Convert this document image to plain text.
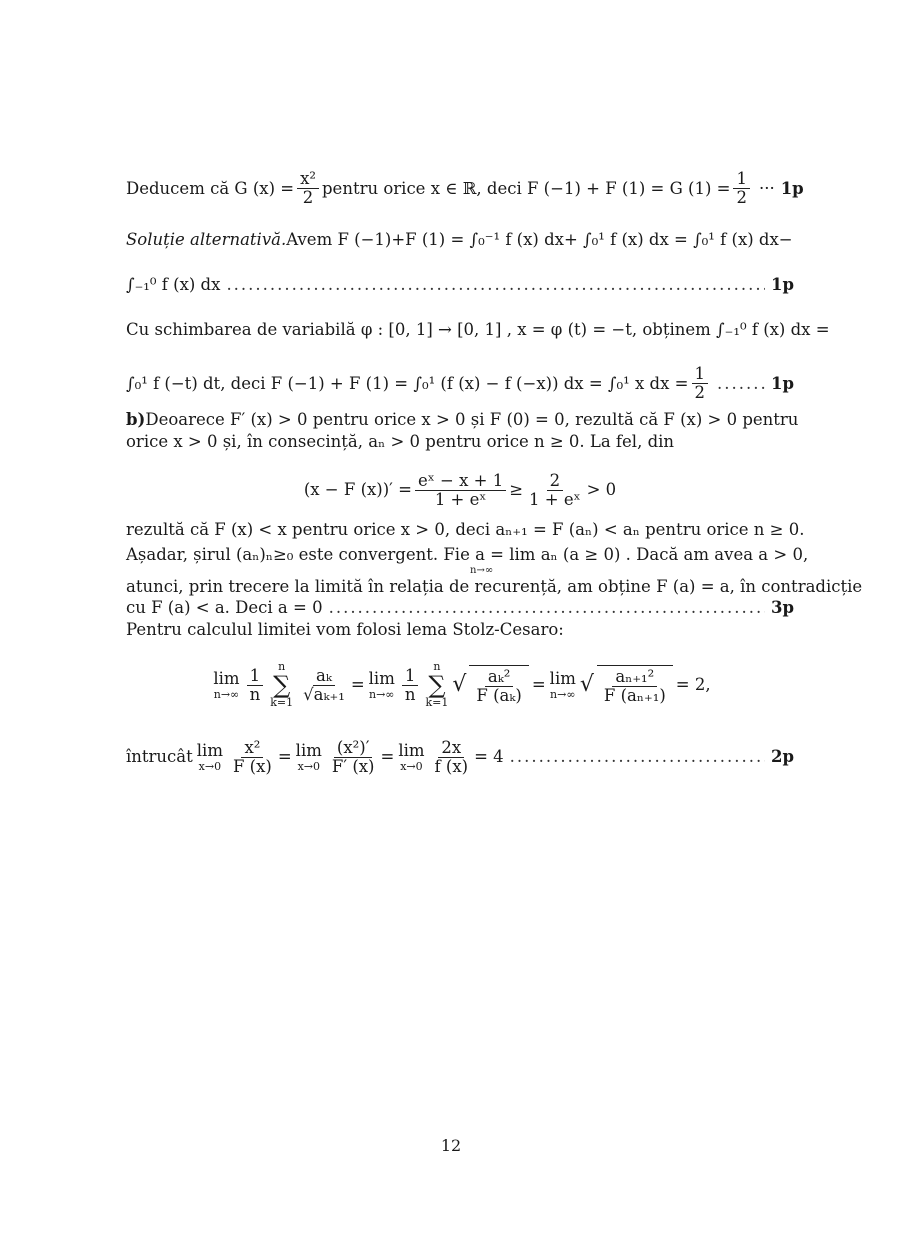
Deducem că G $(x) = \frac{\text{x²}}{2}$ pentru orice x ∈ ℝ, deci F (−1) + F (1) = G $(1) = \frac{1}{2}$ ··· 1p
Soluție alternativă. Avem F (−1)+F (1) = ∫₀⁻¹ f (x) dx+ ∫₀¹ f (x) dx = ∫₀¹ f (x) dx−
∫₋₁⁰ f (x) dx .....	1p
Cu schimbarea de variabilă φ : [0, 1] → [0, 1] , x = φ (t) = −t, obținem ∫₋₁⁰ f (x) dx =
∫₀¹ f (−t) dt, deci F (−1) + F (1) = ∫₀¹ (f (x) − f (−x)) dx = ∫₀¹ x dx = $\frac{1}{2}$ .....	1p
b) Deoarece F′ (x) > 0 pentru orice x > 0 și F (0) = 0, rezultă că F (x) > 0 pentru
orice x > 0 și, în consecință, aₙ > 0 pentru orice n ≥ 0. La fel, din
(x − F $(x))' = \frac{\text{eˣ − x + 1}}{\text{1 + eˣ}} \ge \frac{2}{\text{1 + eˣ}} > 0$
rezultă că F (x) < x pentru orice x > 0, deci aₙ₊₁ = F (aₙ) < aₙ pentru orice n ≥ 0.
Așadar, șirul (aₙ)ₙ≥₀ este convergent. Fie a = lim aₙ (a ≥ 0) . Dacă am avea a > 0,
n→∞
atunci, prin trecere la limită în relația de recurență, am obține F (a) = a, în contradicție
cu F (a) < a. Deci a = 0 .....	3p
Pentru calculul limitei vom folosi lema Stolz-Cesaro:
lim
$n\to\infty \frac{1}{n}$ n
∑
$k=1 \frac{\text{aₖ}}{\text{√aₖ₊₁}} = \lim$
$n\to\infty \frac{1}{n}$ n
∑
k=1
√ $\frac{\text{aₖ²}}{\text{F (aₖ)}} = \lim$
n→∞ √ $\frac{\text{aₙ₊₁²}}{\text{F (aₙ₊₁)}} = 2$,
întrucât lim
$x\to 0 \frac{\text{x²}}{F (x)} = \lim$
$x\to 0 \frac{\text{(x²)′}}{F' (x)} = \lim$
$x\to 0 \frac{2x}{f (x)} = 4$ .....	2p
12
